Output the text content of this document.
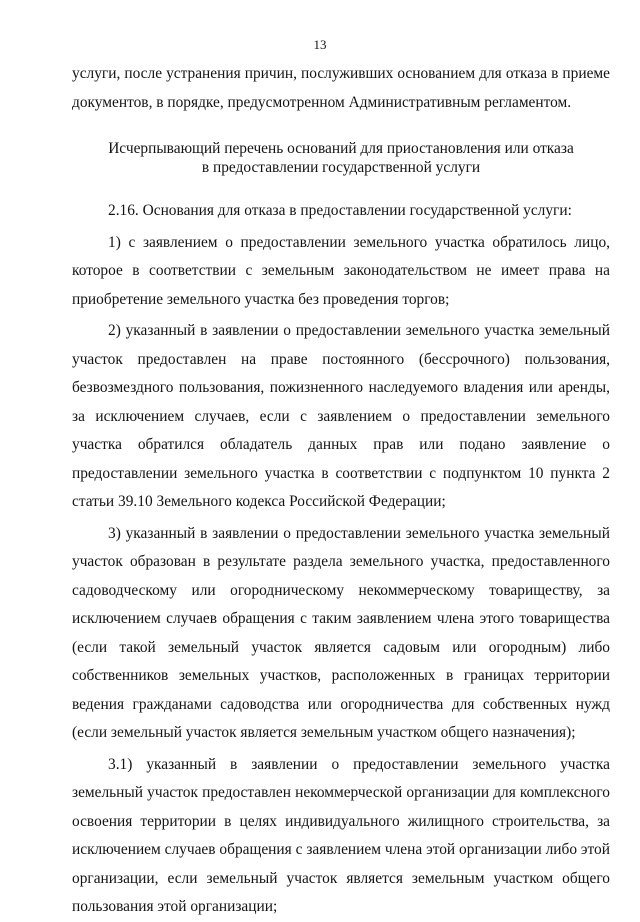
13

услуги, после устранения причин, послуживших основанием для отказа в приеме документов, в порядке, предусмотренном Административным регламентом.

Исчерпывающий перечень оснований для приостановления или отказа
в предоставлении государственной услуги

2.16. Основания для отказа в предоставлении государственной услуги:

1) с заявлением о предоставлении земельного участка обратилось лицо, которое в соответствии с земельным законодательством не имеет права на приобретение земельного участка без проведения торгов;

2) указанный в заявлении о предоставлении земельного участка земельный участок предоставлен на праве постоянного (бессрочного) пользования, безвозмездного пользования, пожизненного наследуемого владения или аренды, за исключением случаев, если с заявлением о предоставлении земельного участка обратился обладатель данных прав или подано заявление о предоставлении земельного участка в соответствии с подпунктом 10 пункта 2 статьи 39.10 Земельного кодекса Российской Федерации;

3) указанный в заявлении о предоставлении земельного участка земельный участок образован в результате раздела земельного участка, предоставленного садоводческому или огородническому некоммерческому товариществу, за исключением случаев обращения с таким заявлением члена этого товарищества (если такой земельный участок является садовым или огородным) либо собственников земельных участков, расположенных в границах территории ведения гражданами садоводства или огородничества для собственных нужд (если земельный участок является земельным участком общего назначения);

3.1) указанный в заявлении о предоставлении земельного участка земельный участок предоставлен некоммерческой организации для комплексного освоения территории в целях индивидуального жилищного строительства, за исключением случаев обращения с заявлением члена этой организации либо этой организации, если земельный участок является земельным участком общего пользования этой организации;
